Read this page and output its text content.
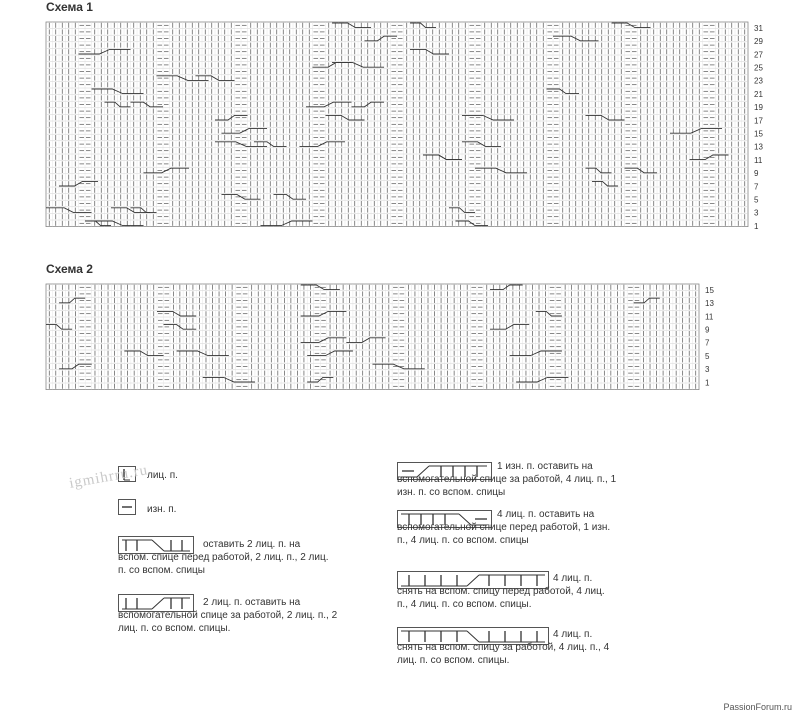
Схема 1
Схема 2
31
29
27
25
23
21
19
17
15
13
11
9
7
5
3
1
15
13
11
9
7
5
3
1
лиц. п.
изн. п.
оставить 2 лиц. п. на вспом. спице перед работой, 2 лиц. п., 2 лиц. п. со вспом. спицы
2 лиц. п. оставить на вспомогательной спице за работой, 2 лиц. п., 2 лиц. п. со вспом. спицы.
1 изн. п. оставить на вспомогательной спице за работой, 4 лиц. п., 1 изн. п. со вспом. спицы
4 лиц. п. оставить на вспомогательной спице перед работой, 1 изн. п., 4 лиц. п. со вспом. спицы
4 лиц. п. снять на вспом. спицу перед работой, 4 лиц. п., 4 лиц. п. со вспом. спицы.
4 лиц. п. снять на вспом. спицу за работой, 4 лиц. п., 4 лиц. п. со вспом. спицы.
igmihrru.ru
PassionForum.ru
